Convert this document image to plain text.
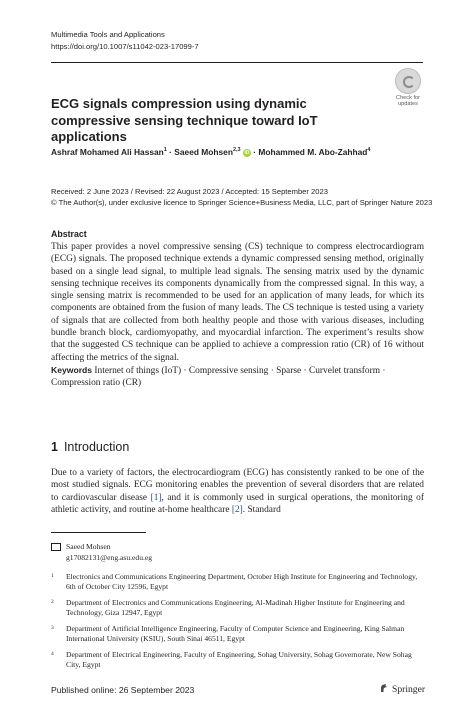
Multimedia Tools and Applications
https://doi.org/10.1007/s11042-023-17099-7
Check for
updates
ECG signals compression using dynamic compressive sensing technique toward IoT applications
Ashraf Mohamed Ali Hassan$^1$ · Saeed Mohsen$^{2,3}$ iD · Mohammed M. Abo-Zahhad$^4$
Received: 2 June 2023 / Revised: 22 August 2023 / Accepted: 15 September 2023
© The Author(s), under exclusive licence to Springer Science+Business Media, LLC, part of Springer Nature 2023
Abstract
This paper provides a novel compressive sensing (CS) technique to compress electrocardiogram (ECG) signals. The proposed technique extends a dynamic compressed sensing method, originally based on a single lead signal, to multiple lead signals. The sensing matrix used by the dynamic sensing technique receives its components dynamically from the compressed signal. In this way, a single sensing matrix is recommended to be used for an application of many leads, for which its components are obtained from the fusion of many leads. The CS technique is tested using a variety of signals that are collected from both healthy people and those with various diseases, including bundle branch block, cardiomyopathy, and myocardial infarction. The experiment’s results show that the suggested CS technique can be applied to achieve a compression ratio (CR) of 16 without affecting the metrics of the signal.
Keywords Internet of things (IoT) · Compressive sensing · Sparse · Curvelet transform · Compression ratio (CR)
1 Introduction
Due to a variety of factors, the electrocardiogram (ECG) has consistently ranked to be one of the most studied signals. ECG monitoring enables the prevention of several disorders that are related to cardiovascular disease [1], and it is commonly used in surgical operations, the monitoring of athletic activity, and routine at-home healthcare [2]. Standard
Saeed Mohsen
g17082131@eng.asu.edu.eg
1 Electronics and Communications Engineering Department, October High Institute for Engineering and Technology, 6th of October City 12596, Egypt
2 Department of Electronics and Communications Engineering, Al-Madinah Higher Institute for Engineering and Technology, Giza 12947, Egypt
3 Department of Artificial Intelligence Engineering, Faculty of Computer Science and Engineering, King Salman International University (KSIU), South Sinai 46511, Egypt
4 Department of Electrical Engineering, Faculty of Engineering, Sohag University, Sohag Governorate, New Sohag City, Egypt
Published online: 26 September 2023	Springer
